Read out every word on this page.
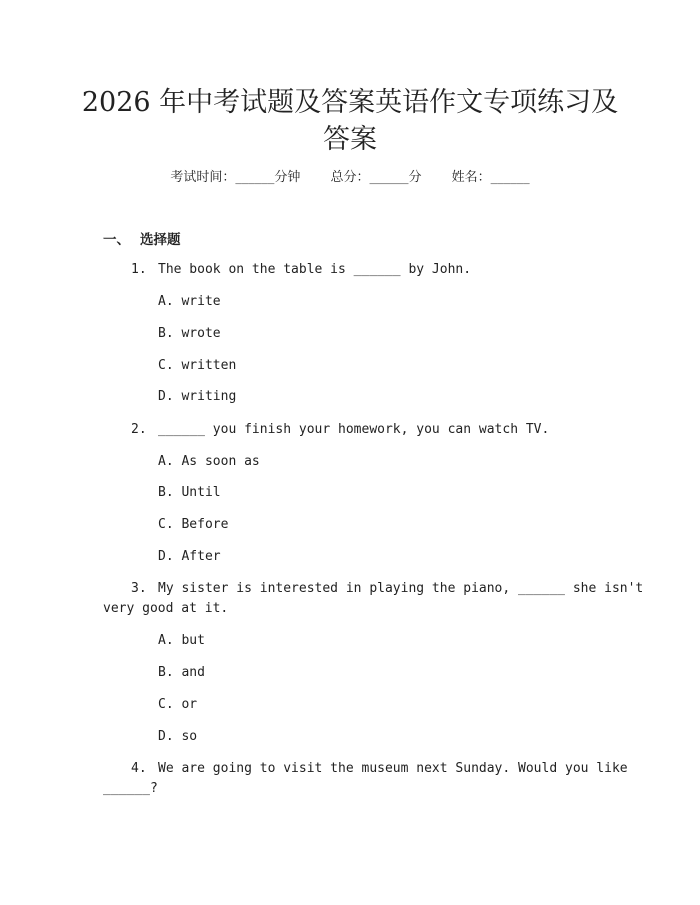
2026 年中考试题及答案英语作文专项练习及
答案
考试时间：______分钟 总分：______分 姓名：______
一、 选择题
1. The book on the table is ______ by John.
A. write
B. wrote
C. written
D. writing
2. ______ you finish your homework, you can watch TV.
A. As soon as
B. Until
C. Before
D. After
3. My sister is interested in playing the piano, ______ she isn't
very good at it.
A. but
B. and
C. or
D. so
4. We are going to visit the museum next Sunday. Would you like
______?
